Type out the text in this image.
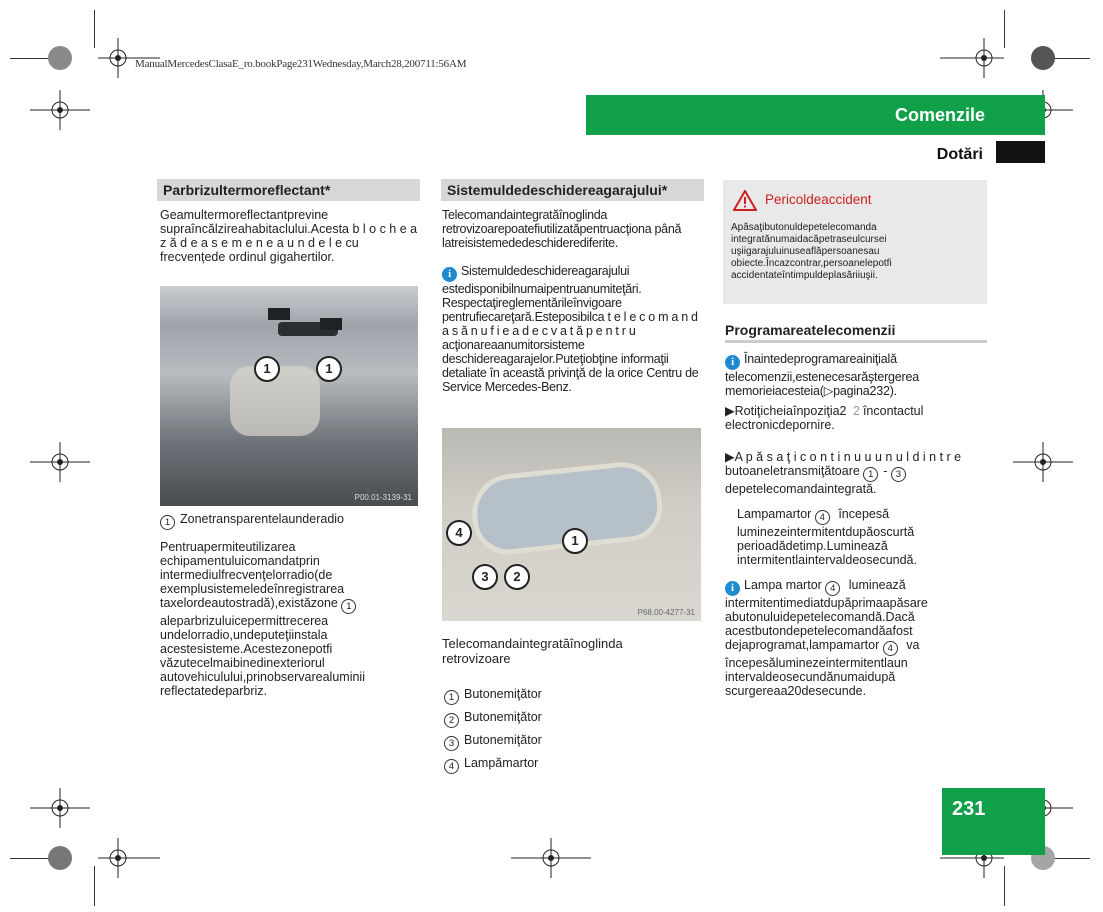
ManualMercedesClasaE_ro.bookPage231Wednesday,March28,200711:56AM
Comenzile
Dotări
Parbrizultermoreflectant*
Geamultermoreflectantprevine supraîncălzireahabitaclului.Acesta b l o c h e a z ă d e a s e m e n e a u n d e l e cu frecvențede ordinul gigahertilor.
1	1
P00.01-3139-31
1 Zonetransparentelaunderadio
Pentruapermiteutilizarea echipamentuluicomandatprin intermediulfrecvenţelorradio(de exemplusistemeledeînregistrarea taxelordeautostradă),existăzone 1 aleparbrizuluicepermittrecerea undelorradio,undeputeţiinstala acestesisteme.Acestezonepotfi văzutecelmaibinedinexteriorul autovehiculului,prinobservarealuminii reflectatedeparbriz.
Sistemuldedeschidereagarajului*
Telecomandaintegratăînoglinda retrovizoarepoatefiutilizatăpentruacţiona până latreisistemededeschiderediferite.
i Sistemuldedeschidereagarajului estedisponibilnumaipentruanumiteţări. Respectaţireglementărileînvigoare pentrufiecareţară.Esteposibilca t e l e c o m a n d a s ă n u f i e a d e c v a t ă p e n t r u acţionareaanumitorsisteme deschidereagarajelor.Puteţiobţine informaţii detaliate în această privinţă de la orice Centru de Service Mercedes-Benz.
4
1
3	2
P68.00-4277-31
Telecomandaintegratăînoglinda retrovizoare
1 Butonemiţător
2 Butonemiţător
3 Butonemiţător
4 Lampămartor
Pericoldeaccident
Apăsaţibutonuldepetelecomanda integratănumaidacăpetraseulcursei uşiigarajuluinuseaflăpersoanesau obiecte.Încazcontrar,persoanelepotfi accidentateîntimpuldeplasăriiuşii.
Programareatelecomenzii
i Înaintedeprogramareainiţială telecomenzii,estenecesarăştergerea memorieiacesteia(▷pagina232).
▶Rotiţicheiaînpoziţia2 2 încontactul electronicdepornire.
▶A p ă s a ţ i c o n t i n u u u n u l d i n t r e butoaneletransmiţătoare 1 - 3 depetelecomandaintegrată.
Lampamartor 4 începesă luminezeintermitentdupăoscurtă perioadădetimp.Luminează intermitentlaintervaldeosecundă.
i Lampa martor 4 luminează intermitentimediatdupăprimaapăsare abutonuluidepetelecomandă.Dacă acestbutondepetelecomandăafost dejaprogramat,lampamartor 4 va începesăluminezeintermitentlaun intervaldeosecundănumaidupă scurgereaa20desecunde.
231
